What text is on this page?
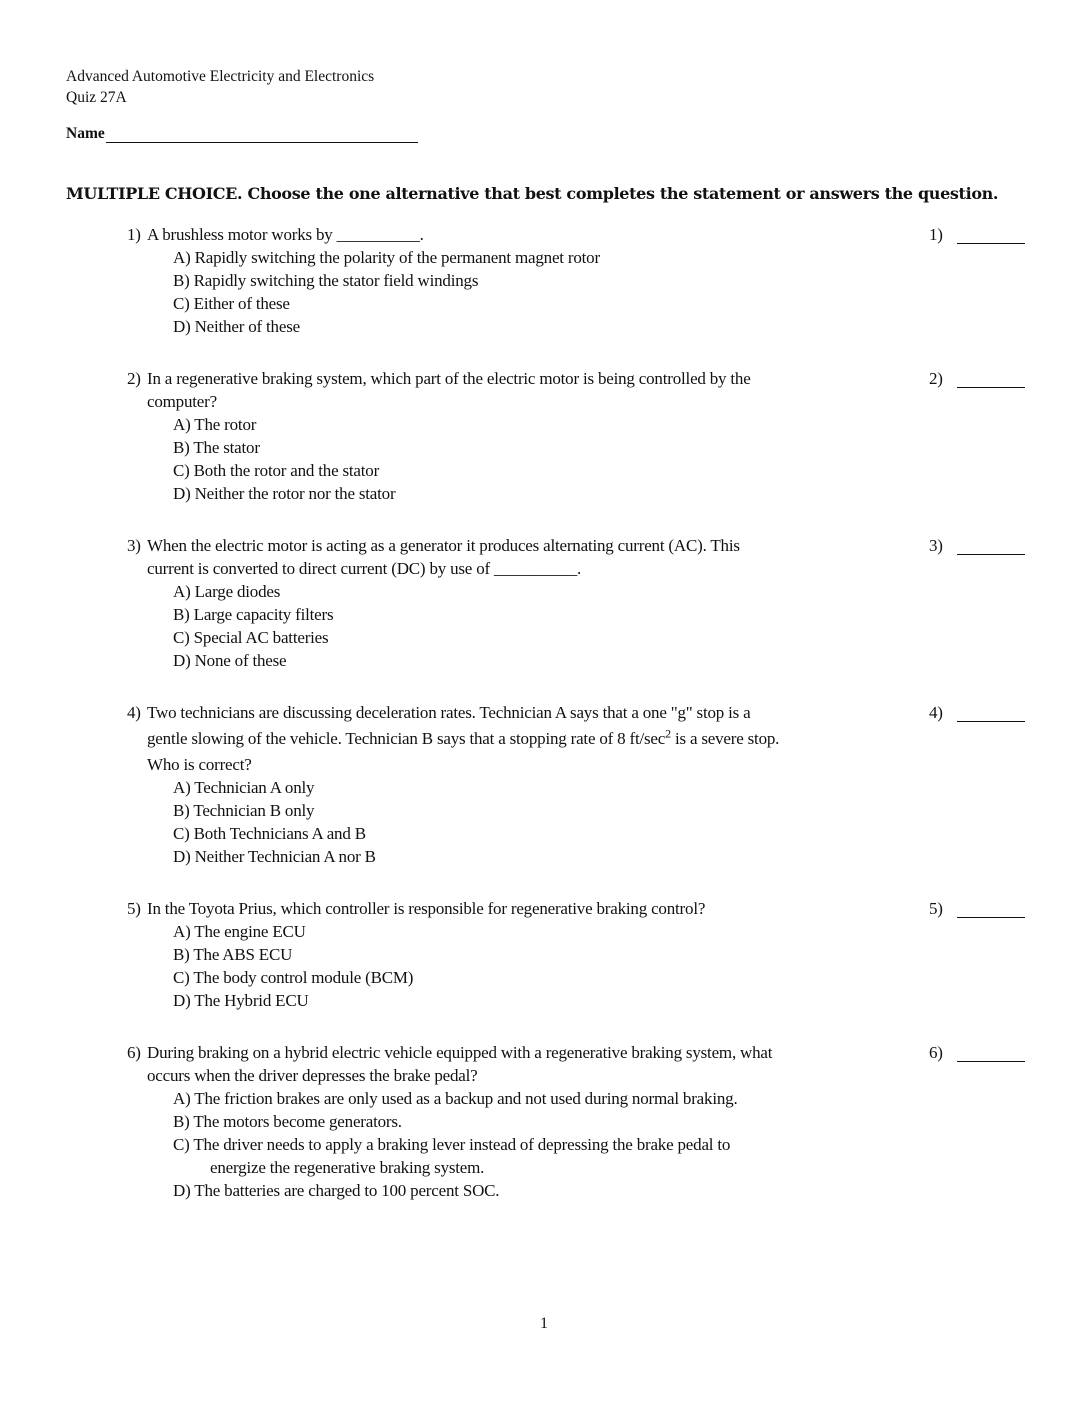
Advanced Automotive Electricity and Electronics
Quiz 27A
Name
MULTIPLE CHOICE. Choose the one alternative that best completes the statement or answers the question.
1) A brushless motor works by __________.
A) Rapidly switching the polarity of the permanent magnet rotor
B) Rapidly switching the stator field windings
C) Either of these
D) Neither of these
1)
2) In a regenerative braking system, which part of the electric motor is being controlled by the
computer?
A) The rotor
B) The stator
C) Both the rotor and the stator
D) Neither the rotor nor the stator
2)
3) When the electric motor is acting as a generator it produces alternating current (AC). This
current is converted to direct current (DC) by use of __________.
A) Large diodes
B) Large capacity filters
C) Special AC batteries
D) None of these
3)
4) Two technicians are discussing deceleration rates. Technician A says that a one "g" stop is a
gentle slowing of the vehicle. Technician B says that a stopping rate of 8 $ft/\sec^2$ is a severe stop.
Who is correct?
A) Technician A only
B) Technician B only
C) Both Technicians A and B
D) Neither Technician A nor B
4)
5) In the Toyota Prius, which controller is responsible for regenerative braking control?
A) The engine ECU
B) The ABS ECU
C) The body control module (BCM)
D) The Hybrid ECU
5)
6) During braking on a hybrid electric vehicle equipped with a regenerative braking system, what
occurs when the driver depresses the brake pedal?
A) The friction brakes are only used as a backup and not used during normal braking.
B) The motors become generators.
C) The driver needs to apply a braking lever instead of depressing the brake pedal to
energize the regenerative braking system.
D) The batteries are charged to 100 percent SOC.
6)
1
